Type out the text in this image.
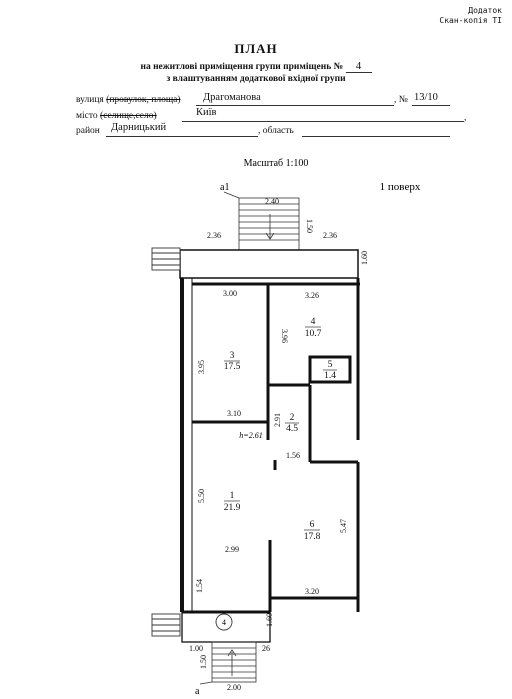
Додаток
Скан-копія ТІ
ПЛАН
на нежитлові приміщення групи приміщень № 4
з влаштуванням додаткової вхідної групи
вулиця (провулок, площа) Драгоманова	, № 13/10
місто (селище,село)	Київ	,
район Дарницький	, область
Масштаб 1:100
1 поверх
а1
а
4
2.40
1.50
2.36	2.36
1.60
3.00	3.26
3.96
3.95
3.10	2.91
1.56
5.50
5.47
2.99
1.54	3.20
1.60
1.00	26
1.50
2.00
1
21.9
2
4.5
3
17.5
4
10.7
5
1.4
6
17.8
h=2.61
